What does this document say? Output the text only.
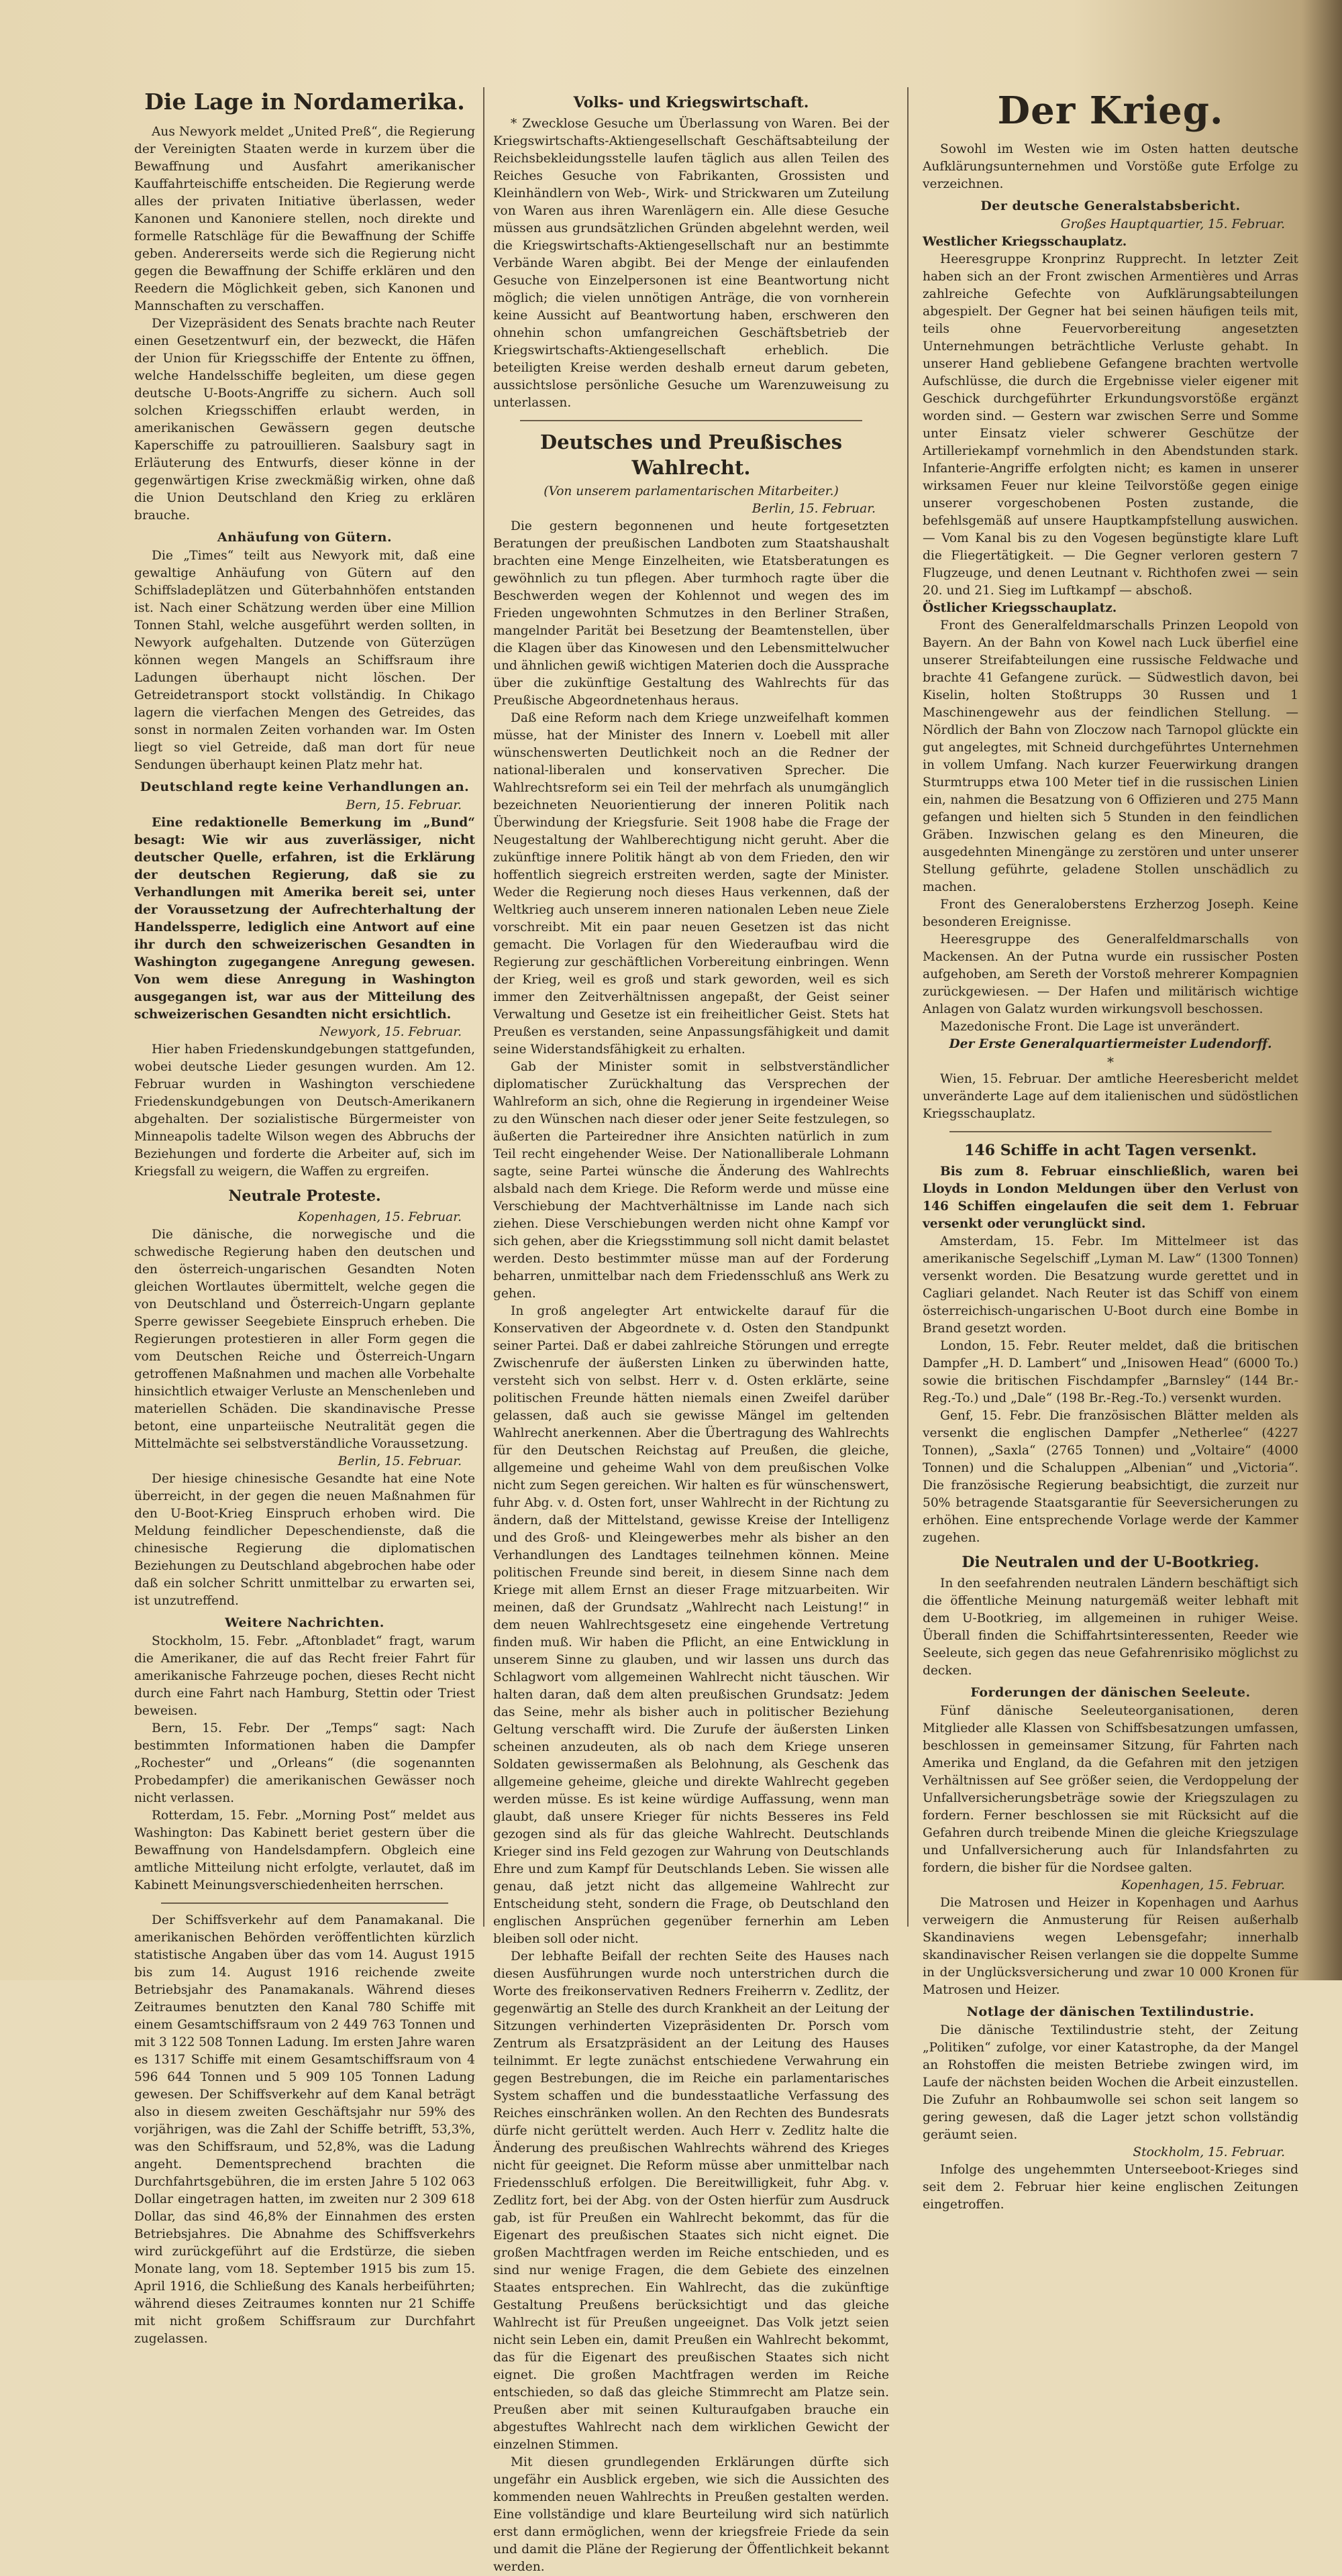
Die Lage in Nordamerika.

Aus Newyork meldet „United Preß“, die Regierung der Vereinigten Staaten werde in kurzem über die Bewaffnung und Ausfahrt amerikanischer Kauffahrteischiffe entscheiden. Die Regierung werde alles der privaten Initiative überlassen, weder Kanonen und Kanoniere stellen, noch direkte und formelle Ratschläge für die Bewaffnung der Schiffe geben. Andererseits werde sich die Regierung nicht gegen die Bewaffnung der Schiffe erklären und den Reedern die Möglichkeit geben, sich Kanonen und Mannschaften zu verschaffen.

Der Vizepräsident des Senats brachte nach Reuter einen Gesetzentwurf ein, der bezweckt, die Häfen der Union für Kriegsschiffe der Entente zu öffnen, welche Handelsschiffe begleiten, um diese gegen deutsche U-Boots-Angriffe zu sichern. Auch soll solchen Kriegsschiffen erlaubt werden, in amerikanischen Gewässern gegen deutsche Kaperschiffe zu patrouillieren. Saalsbury sagt in Erläuterung des Entwurfs, dieser könne in der gegenwärtigen Krise zweckmäßig wirken, ohne daß die Union Deutschland den Krieg zu erklären brauche.

Anhäufung von Gütern.

Die „Times“ teilt aus Newyork mit, daß eine gewaltige Anhäufung von Gütern auf den Schiffsladeplätzen und Güterbahnhöfen entstanden ist. Nach einer Schätzung werden über eine Million Tonnen Stahl, welche ausgeführt werden sollten, in Newyork aufgehalten. Dutzende von Güterzügen können wegen Mangels an Schiffsraum ihre Ladungen überhaupt nicht löschen. Der Getreidetransport stockt vollständig. In Chikago lagern die vierfachen Mengen des Getreides, das sonst in normalen Zeiten vorhanden war. Im Osten liegt so viel Getreide, daß man dort für neue Sendungen überhaupt keinen Platz mehr hat.

Deutschland regte keine Verhandlungen an.

Bern, 15. Februar.

Eine redaktionelle Bemerkung im „Bund“ besagt: Wie wir aus zuverlässiger, nicht deutscher Quelle, erfahren, ist die Erklärung der deutschen Regierung, daß sie zu Verhandlungen mit Amerika bereit sei, unter der Voraussetzung der Aufrechterhaltung der Handelssperre, lediglich eine Antwort auf eine ihr durch den schweizerischen Gesandten in Washington zugegangene Anregung gewesen. Von wem diese Anregung in Washington ausgegangen ist, war aus der Mitteilung des schweizerischen Gesandten nicht ersichtlich.

Newyork, 15. Februar.

Hier haben Friedenskundgebungen stattgefunden, wobei deutsche Lieder gesungen wurden. Am 12. Februar wurden in Washington verschiedene Friedenskundgebungen von Deutsch-Amerikanern abgehalten. Der sozialistische Bürgermeister von Minneapolis tadelte Wilson wegen des Abbruchs der Beziehungen und forderte die Arbeiter auf, sich im Kriegsfall zu weigern, die Waffen zu ergreifen.

Neutrale Proteste.

Kopenhagen, 15. Februar.

Die dänische, die norwegische und die schwedische Regierung haben den deutschen und den österreich-ungarischen Gesandten Noten gleichen Wortlautes übermittelt, welche gegen die von Deutschland und Österreich-Ungarn geplante Sperre gewisser Seegebiete Einspruch erheben. Die Regierungen protestieren in aller Form gegen die vom Deutschen Reiche und Österreich-Ungarn getroffenen Maßnahmen und machen alle Vorbehalte hinsichtlich etwaiger Verluste an Menschenleben und materiellen Schäden. Die skandinavische Presse betont, eine unparteiische Neutralität gegen die Mittelmächte sei selbstverständliche Voraussetzung.

Berlin, 15. Februar.

Der hiesige chinesische Gesandte hat eine Note überreicht, in der gegen die neuen Maßnahmen für den U-Boot-Krieg Einspruch erhoben wird. Die Meldung feindlicher Depeschendienste, daß die chinesische Regierung die diplomatischen Beziehungen zu Deutschland abgebrochen habe oder daß ein solcher Schritt unmittelbar zu erwarten sei, ist unzutreffend.

Weitere Nachrichten.

Stockholm, 15. Febr. „Aftonbladet“ fragt, warum die Amerikaner, die auf das Recht freier Fahrt für amerikanische Fahrzeuge pochen, dieses Recht nicht durch eine Fahrt nach Hamburg, Stettin oder Triest beweisen.

Bern, 15. Febr. Der „Temps“ sagt: Nach bestimmten Informationen haben die Dampfer „Rochester“ und „Orleans“ (die sogenannten Probedampfer) die amerikanischen Gewässer noch nicht verlassen.

Rotterdam, 15. Febr. „Morning Post“ meldet aus Washington: Das Kabinett beriet gestern über die Bewaffnung von Handelsdampfern. Obgleich eine amtliche Mitteilung nicht erfolgte, verlautet, daß im Kabinett Meinungsverschiedenheiten herrschen.

Der Schiffsverkehr auf dem Panamakanal. Die amerikanischen Behörden veröffentlichten kürzlich statistische Angaben über das vom 14. August 1915 bis zum 14. August 1916 reichende zweite Betriebsjahr des Panamakanals. Während dieses Zeitraumes benutzten den Kanal 780 Schiffe mit einem Gesamtschiffsraum von 2 449 763 Tonnen und mit 3 122 508 Tonnen Ladung. Im ersten Jahre waren es 1317 Schiffe mit einem Gesamtschiffsraum von 4 596 644 Tonnen und 5 909 105 Tonnen Ladung gewesen. Der Schiffsverkehr auf dem Kanal beträgt also in diesem zweiten Geschäftsjahr nur 59% des vorjährigen, was die Zahl der Schiffe betrifft, 53,3%, was den Schiffsraum, und 52,8%, was die Ladung angeht. Dementsprechend brachten die Durchfahrtsgebühren, die im ersten Jahre 5 102 063 Dollar eingetragen hatten, im zweiten nur 2 309 618 Dollar, das sind 46,8% der Einnahmen des ersten Betriebsjahres. Die Abnahme des Schiffsverkehrs wird zurückgeführt auf die Erdstürze, die sieben Monate lang, vom 18. September 1915 bis zum 15. April 1916, die Schließung des Kanals herbeiführten; während dieses Zeitraumes konnten nur 21 Schiffe mit nicht großem Schiffsraum zur Durchfahrt zugelassen.

Volks- und Kriegswirtschaft.

* Zwecklose Gesuche um Überlassung von Waren. Bei der Kriegswirtschafts-Aktiengesellschaft Geschäftsabteilung der Reichsbekleidungsstelle laufen täglich aus allen Teilen des Reiches Gesuche von Fabrikanten, Grossisten und Kleinhändlern von Web-, Wirk- und Strickwaren um Zuteilung von Waren aus ihren Warenlägern ein. Alle diese Gesuche müssen aus grundsätzlichen Gründen abgelehnt werden, weil die Kriegswirtschafts-Aktiengesellschaft nur an bestimmte Verbände Waren abgibt. Bei der Menge der einlaufenden Gesuche von Einzelpersonen ist eine Beantwortung nicht möglich; die vielen unnötigen Anträge, die von vornherein keine Aussicht auf Beantwortung haben, erschweren den ohnehin schon umfangreichen Geschäftsbetrieb der Kriegswirtschafts-Aktiengesellschaft erheblich. Die beteiligten Kreise werden deshalb erneut darum gebeten, aussichtslose persönliche Gesuche um Warenzuweisung zu unterlassen.

Deutsches und Preußisches Wahlrecht.

(Von unserem parlamentarischen Mitarbeiter.)

Berlin, 15. Februar.

Die gestern begonnenen und heute fortgesetzten Beratungen der preußischen Landboten zum Staatshaushalt brachten eine Menge Einzelheiten, wie Etatsberatungen es gewöhnlich zu tun pflegen. Aber turmhoch ragte über die Beschwerden wegen der Kohlennot und wegen des im Frieden ungewohnten Schmutzes in den Berliner Straßen, mangelnder Parität bei Besetzung der Beamtenstellen, über die Klagen über das Kinowesen und den Lebensmittelwucher und ähnlichen gewiß wichtigen Materien doch die Aussprache über die zukünftige Gestaltung des Wahlrechts für das Preußische Abgeordnetenhaus heraus.

Daß eine Reform nach dem Kriege unzweifelhaft kommen müsse, hat der Minister des Innern v. Loebell mit aller wünschenswerten Deutlichkeit noch an die Redner der national-liberalen und konservativen Sprecher. Die Wahlrechtsreform sei ein Teil der mehrfach als unumgänglich bezeichneten Neuorientierung der inneren Politik nach Überwindung der Kriegsfurie. Seit 1908 habe die Frage der Neugestaltung der Wahlberechtigung nicht geruht. Aber die zukünftige innere Politik hängt ab von dem Frieden, den wir hoffentlich siegreich erstreiten werden, sagte der Minister. Weder die Regierung noch dieses Haus verkennen, daß der Weltkrieg auch unserem inneren nationalen Leben neue Ziele vorschreibt. Mit ein paar neuen Gesetzen ist das nicht gemacht. Die Vorlagen für den Wiederaufbau wird die Regierung zur geschäftlichen Vorbereitung einbringen. Wenn der Krieg, weil es groß und stark geworden, weil es sich immer den Zeitverhältnissen angepaßt, der Geist seiner Verwaltung und Gesetze ist ein freiheitlicher Geist. Stets hat Preußen es verstanden, seine Anpassungsfähigkeit und damit seine Widerstandsfähigkeit zu erhalten.

Gab der Minister somit in selbstverständlicher diplomatischer Zurückhaltung das Versprechen der Wahlreform an sich, ohne die Regierung in irgendeiner Weise zu den Wünschen nach dieser oder jener Seite festzulegen, so äußerten die Parteiredner ihre Ansichten natürlich in zum Teil recht eingehender Weise. Der Nationalliberale Lohmann sagte, seine Partei wünsche die Änderung des Wahlrechts alsbald nach dem Kriege. Die Reform werde und müsse eine Verschiebung der Machtverhältnisse im Lande nach sich ziehen. Diese Verschiebungen werden nicht ohne Kampf vor sich gehen, aber die Kriegsstimmung soll nicht damit belastet werden. Desto bestimmter müsse man auf der Forderung beharren, unmittelbar nach dem Friedensschluß ans Werk zu gehen.

In groß angelegter Art entwickelte darauf für die Konservativen der Abgeordnete v. d. Osten den Standpunkt seiner Partei. Daß er dabei zahlreiche Störungen und erregte Zwischenrufe der äußersten Linken zu überwinden hatte, versteht sich von selbst. Herr v. d. Osten erklärte, seine politischen Freunde hätten niemals einen Zweifel darüber gelassen, daß auch sie gewisse Mängel im geltenden Wahlrecht anerkennen. Aber die Übertragung des Wahlrechts für den Deutschen Reichstag auf Preußen, die gleiche, allgemeine und geheime Wahl von dem preußischen Volke nicht zum Segen gereichen. Wir halten es für wünschenswert, fuhr Abg. v. d. Osten fort, unser Wahlrecht in der Richtung zu ändern, daß der Mittelstand, gewisse Kreise der Intelligenz und des Groß- und Kleingewerbes mehr als bisher an den Verhandlungen des Landtages teilnehmen können. Meine politischen Freunde sind bereit, in diesem Sinne nach dem Kriege mit allem Ernst an dieser Frage mitzuarbeiten. Wir meinen, daß der Grundsatz „Wahlrecht nach Leistung!“ in dem neuen Wahlrechtsgesetz eine eingehende Vertretung finden muß. Wir haben die Pflicht, an eine Entwicklung in unserem Sinne zu glauben, und wir lassen uns durch das Schlagwort vom allgemeinen Wahlrecht nicht täuschen. Wir halten daran, daß dem alten preußischen Grundsatz: Jedem das Seine, mehr als bisher auch in politischer Beziehung Geltung verschafft wird. Die Zurufe der äußersten Linken scheinen anzudeuten, als ob nach dem Kriege unseren Soldaten gewissermaßen als Belohnung, als Geschenk das allgemeine geheime, gleiche und direkte Wahlrecht gegeben werden müsse. Es ist keine würdige Auffassung, wenn man glaubt, daß unsere Krieger für nichts Besseres ins Feld gezogen sind als für das gleiche Wahlrecht. Deutschlands Krieger sind ins Feld gezogen zur Wahrung von Deutschlands Ehre und zum Kampf für Deutschlands Leben. Sie wissen alle genau, daß jetzt nicht das allgemeine Wahlrecht zur Entscheidung steht, sondern die Frage, ob Deutschland den englischen Ansprüchen gegenüber fernerhin am Leben bleiben soll oder nicht.

Der lebhafte Beifall der rechten Seite des Hauses nach diesen Ausführungen wurde noch unterstrichen durch die Worte des freikonservativen Redners Freiherrn v. Zedlitz, der gegenwärtig an Stelle des durch Krankheit an der Leitung der Sitzungen verhinderten Vizepräsidenten Dr. Porsch vom Zentrum als Ersatzpräsident an der Leitung des Hauses teilnimmt. Er legte zunächst entschiedene Verwahrung ein gegen Bestrebungen, die im Reiche ein parlamentarisches System schaffen und die bundesstaatliche Verfassung des Reiches einschränken wollen. An den Rechten des Bundesrats dürfe nicht gerüttelt werden. Auch Herr v. Zedlitz halte die Änderung des preußischen Wahlrechts während des Krieges nicht für geeignet. Die Reform müsse aber unmittelbar nach Friedensschluß erfolgen. Die Bereitwilligkeit, fuhr Abg. v. Zedlitz fort, bei der Abg. von der Osten hierfür zum Ausdruck gab, ist für Preußen ein Wahlrecht bekommt, das für die Eigenart des preußischen Staates sich nicht eignet. Die großen Machtfragen werden im Reiche entschieden, und es sind nur wenige Fragen, die dem Gebiete des einzelnen Staates entsprechen. Ein Wahlrecht, das die zukünftige Gestaltung Preußens berücksichtigt und das gleiche Wahlrecht ist für Preußen ungeeignet. Das Volk jetzt seien nicht sein Leben ein, damit Preußen ein Wahlrecht bekommt, das für die Eigenart des preußischen Staates sich nicht eignet. Die großen Machtfragen werden im Reiche entschieden, so daß das gleiche Stimmrecht am Platze sein. Preußen aber mit seinen Kulturaufgaben brauche ein abgestuftes Wahlrecht nach dem wirklichen Gewicht der einzelnen Stimmen.

Mit diesen grundlegenden Erklärungen dürfte sich ungefähr ein Ausblick ergeben, wie sich die Aussichten des kommenden neuen Wahlrechts in Preußen gestalten werden. Eine vollständige und klare Beurteilung wird sich natürlich erst dann ermöglichen, wenn der kriegsfreie Friede da sein und damit die Pläne der Regierung der Öffentlichkeit bekannt werden.

Der Krieg.

Sowohl im Westen wie im Osten hatten deutsche Aufklärungsunternehmen und Vorstöße gute Erfolge zu verzeichnen.

Der deutsche Generalstabsbericht.

Großes Hauptquartier, 15. Februar.

Westlicher Kriegsschauplatz.

Heeresgruppe Kronprinz Rupprecht. In letzter Zeit haben sich an der Front zwischen Armentières und Arras zahlreiche Gefechte von Aufklärungsabteilungen abgespielt. Der Gegner hat bei seinen häufigen teils mit, teils ohne Feuervorbereitung angesetzten Unternehmungen beträchtliche Verluste gehabt. In unserer Hand gebliebene Gefangene brachten wertvolle Aufschlüsse, die durch die Ergebnisse vieler eigener mit Geschick durchgeführter Erkundungsvorstöße ergänzt worden sind. — Gestern war zwischen Serre und Somme unter Einsatz vieler schwerer Geschütze der Artilleriekampf vornehmlich in den Abendstunden stark. Infanterie-Angriffe erfolgten nicht; es kamen in unserer wirksamen Feuer nur kleine Teilvorstöße gegen einige unserer vorgeschobenen Posten zustande, die befehlsgemäß auf unsere Hauptkampfstellung auswichen. — Vom Kanal bis zu den Vogesen begünstigte klare Luft die Fliegertätigkeit. — Die Gegner verloren gestern 7 Flugzeuge, und denen Leutnant v. Richthofen zwei — sein 20. und 21. Sieg im Luftkampf — abschoß.

Östlicher Kriegsschauplatz.

Front des Generalfeldmarschalls Prinzen Leopold von Bayern. An der Bahn von Kowel nach Luck überfiel eine unserer Streifabteilungen eine russische Feldwache und brachte 41 Gefangene zurück. — Südwestlich davon, bei Kiselin, holten Stoßtrupps 30 Russen und 1 Maschinengewehr aus der feindlichen Stellung. — Nördlich der Bahn von Zloczow nach Tarnopol glückte ein gut angelegtes, mit Schneid durchgeführtes Unternehmen in vollem Umfang. Nach kurzer Feuerwirkung drangen Sturmtrupps etwa 100 Meter tief in die russischen Linien ein, nahmen die Besatzung von 6 Offizieren und 275 Mann gefangen und hielten sich 5 Stunden in den feindlichen Gräben. Inzwischen gelang es den Mineuren, die ausgedehnten Minengänge zu zerstören und unter unserer Stellung geführte, geladene Stollen unschädlich zu machen.

Front des Generaloberstens Erzherzog Joseph. Keine besonderen Ereignisse.

Heeresgruppe des Generalfeldmarschalls von Mackensen. An der Putna wurde ein russischer Posten aufgehoben, am Sereth der Vorstoß mehrerer Kompagnien zurückgewiesen. — Der Hafen und militärisch wichtige Anlagen von Galatz wurden wirkungsvoll beschossen.

Mazedonische Front. Die Lage ist unverändert.

Der Erste Generalquartiermeister Ludendorff.

*

Wien, 15. Februar. Der amtliche Heeresbericht meldet unveränderte Lage auf dem italienischen und südöstlichen Kriegsschauplatz.

146 Schiffe in acht Tagen versenkt.

Bis zum 8. Februar einschließlich, waren bei Lloyds in London Meldungen über den Verlust von 146 Schiffen eingelaufen die seit dem 1. Februar versenkt oder verunglückt sind.

Amsterdam, 15. Febr. Im Mittelmeer ist das amerikanische Segelschiff „Lyman M. Law“ (1300 Tonnen) versenkt worden. Die Besatzung wurde gerettet und in Cagliari gelandet. Nach Reuter ist das Schiff von einem österreichisch-ungarischen U-Boot durch eine Bombe in Brand gesetzt worden.

London, 15. Febr. Reuter meldet, daß die britischen Dampfer „H. D. Lambert“ und „Inisowen Head“ (6000 To.) sowie die britischen Fischdampfer „Barnsley“ (144 Br.-Reg.-To.) und „Dale“ (198 Br.-Reg.-To.) versenkt wurden.

Genf, 15. Febr. Die französischen Blätter melden als versenkt die englischen Dampfer „Netherlee“ (4227 Tonnen), „Saxla“ (2765 Tonnen) und „Voltaire“ (4000 Tonnen) und die Schaluppen „Albenian“ und „Victoria“. Die französische Regierung beabsichtigt, die zurzeit nur 50% betragende Staatsgarantie für Seeversicherungen zu erhöhen. Eine entsprechende Vorlage werde der Kammer zugehen.

Die Neutralen und der U-Bootkrieg.

In den seefahrenden neutralen Ländern beschäftigt sich die öffentliche Meinung naturgemäß weiter lebhaft mit dem U-Bootkrieg, im allgemeinen in ruhiger Weise. Überall finden die Schiffahrtsinteressenten, Reeder wie Seeleute, sich gegen das neue Gefahrenrisiko möglichst zu decken.

Forderungen der dänischen Seeleute.

Fünf dänische Seeleuteorganisationen, deren Mitglieder alle Klassen von Schiffsbesatzungen umfassen, beschlossen in gemeinsamer Sitzung, für Fahrten nach Amerika und England, da die Gefahren mit den jetzigen Verhältnissen auf See größer seien, die Verdoppelung der Unfallversicherungsbeträge sowie der Kriegszulagen zu fordern. Ferner beschlossen sie mit Rücksicht auf die Gefahren durch treibende Minen die gleiche Kriegszulage und Unfallversicherung auch für Inlandsfahrten zu fordern, die bisher für die Nordsee galten.

Kopenhagen, 15. Februar.

Die Matrosen und Heizer in Kopenhagen und Aarhus verweigern die Anmusterung für Reisen außerhalb Skandinaviens wegen Lebensgefahr; innerhalb skandinavischer Reisen verlangen sie die doppelte Summe in der Unglücksversicherung und zwar 10 000 Kronen für Matrosen und Heizer.

Notlage der dänischen Textilindustrie.

Die dänische Textilindustrie steht, der Zeitung „Politiken“ zufolge, vor einer Katastrophe, da der Mangel an Rohstoffen die meisten Betriebe zwingen wird, im Laufe der nächsten beiden Wochen die Arbeit einzustellen. Die Zufuhr an Rohbaumwolle sei schon seit langem so gering gewesen, daß die Lager jetzt schon vollständig geräumt seien.

Stockholm, 15. Februar.

Infolge des ungehemmten Unterseeboot-Krieges sind seit dem 2. Februar hier keine englischen Zeitungen eingetroffen.
